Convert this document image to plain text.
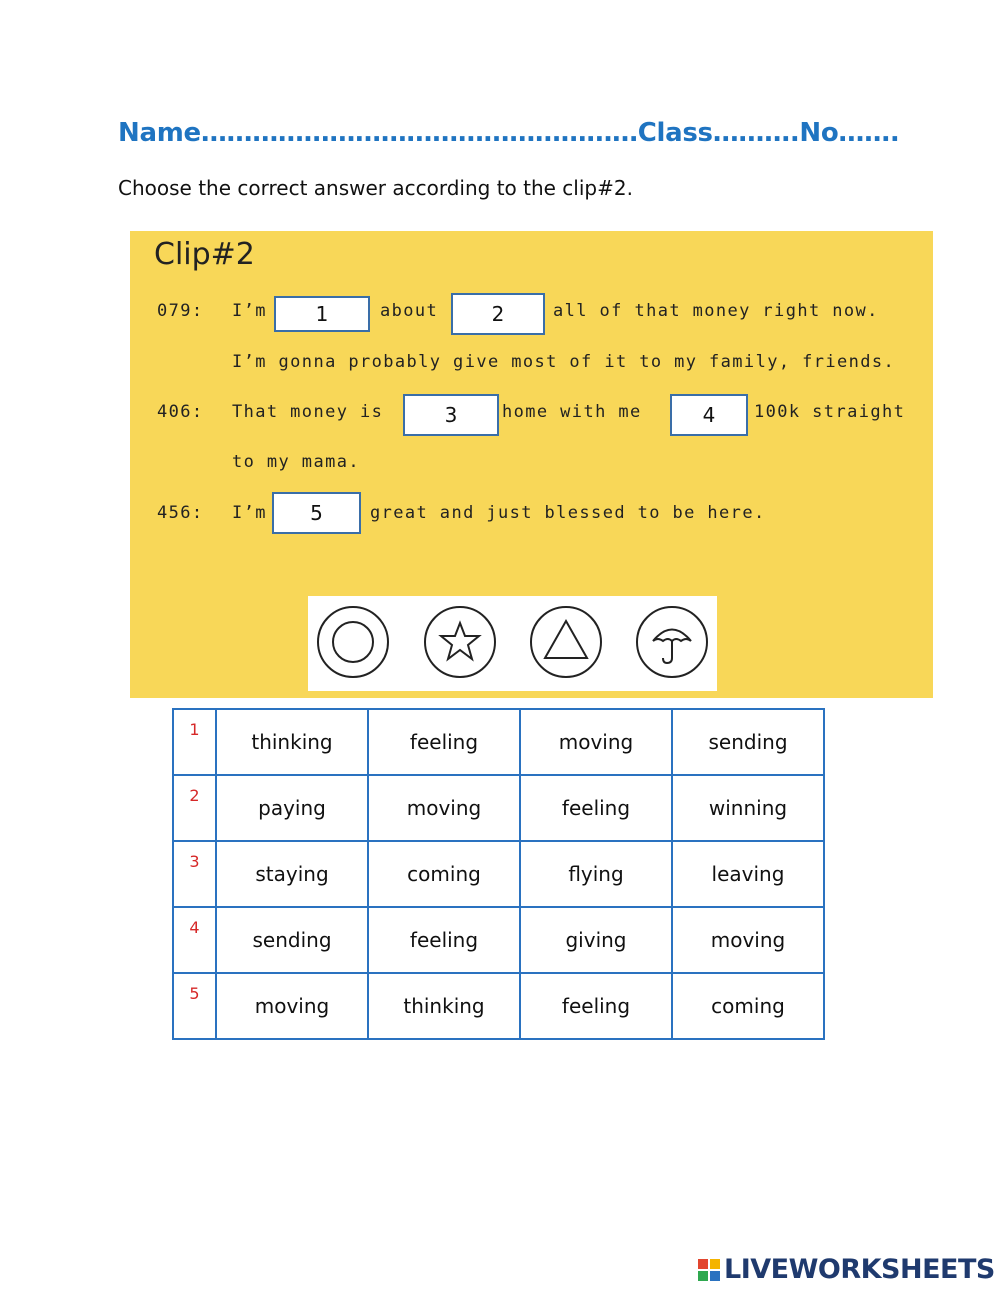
Name……………………………………………Class……….No…….
Choose the correct answer according to the clip#2.
Clip#2
079: I’m	1	about	2	all of that money right now.
I’m gonna probably give most of it to my family, friends.
406: That money is	3	home with me	4	100k straight
to my mama.
456: I’m	5	great and just blessed to be here.
1	thinking	feeling	moving	sending
2	paying	moving	feeling	winning
3	staying	coming	flying	leaving
4	sending	feeling	giving	moving
5	moving	thinking	feeling	coming
LIVEWORKSHEETS
